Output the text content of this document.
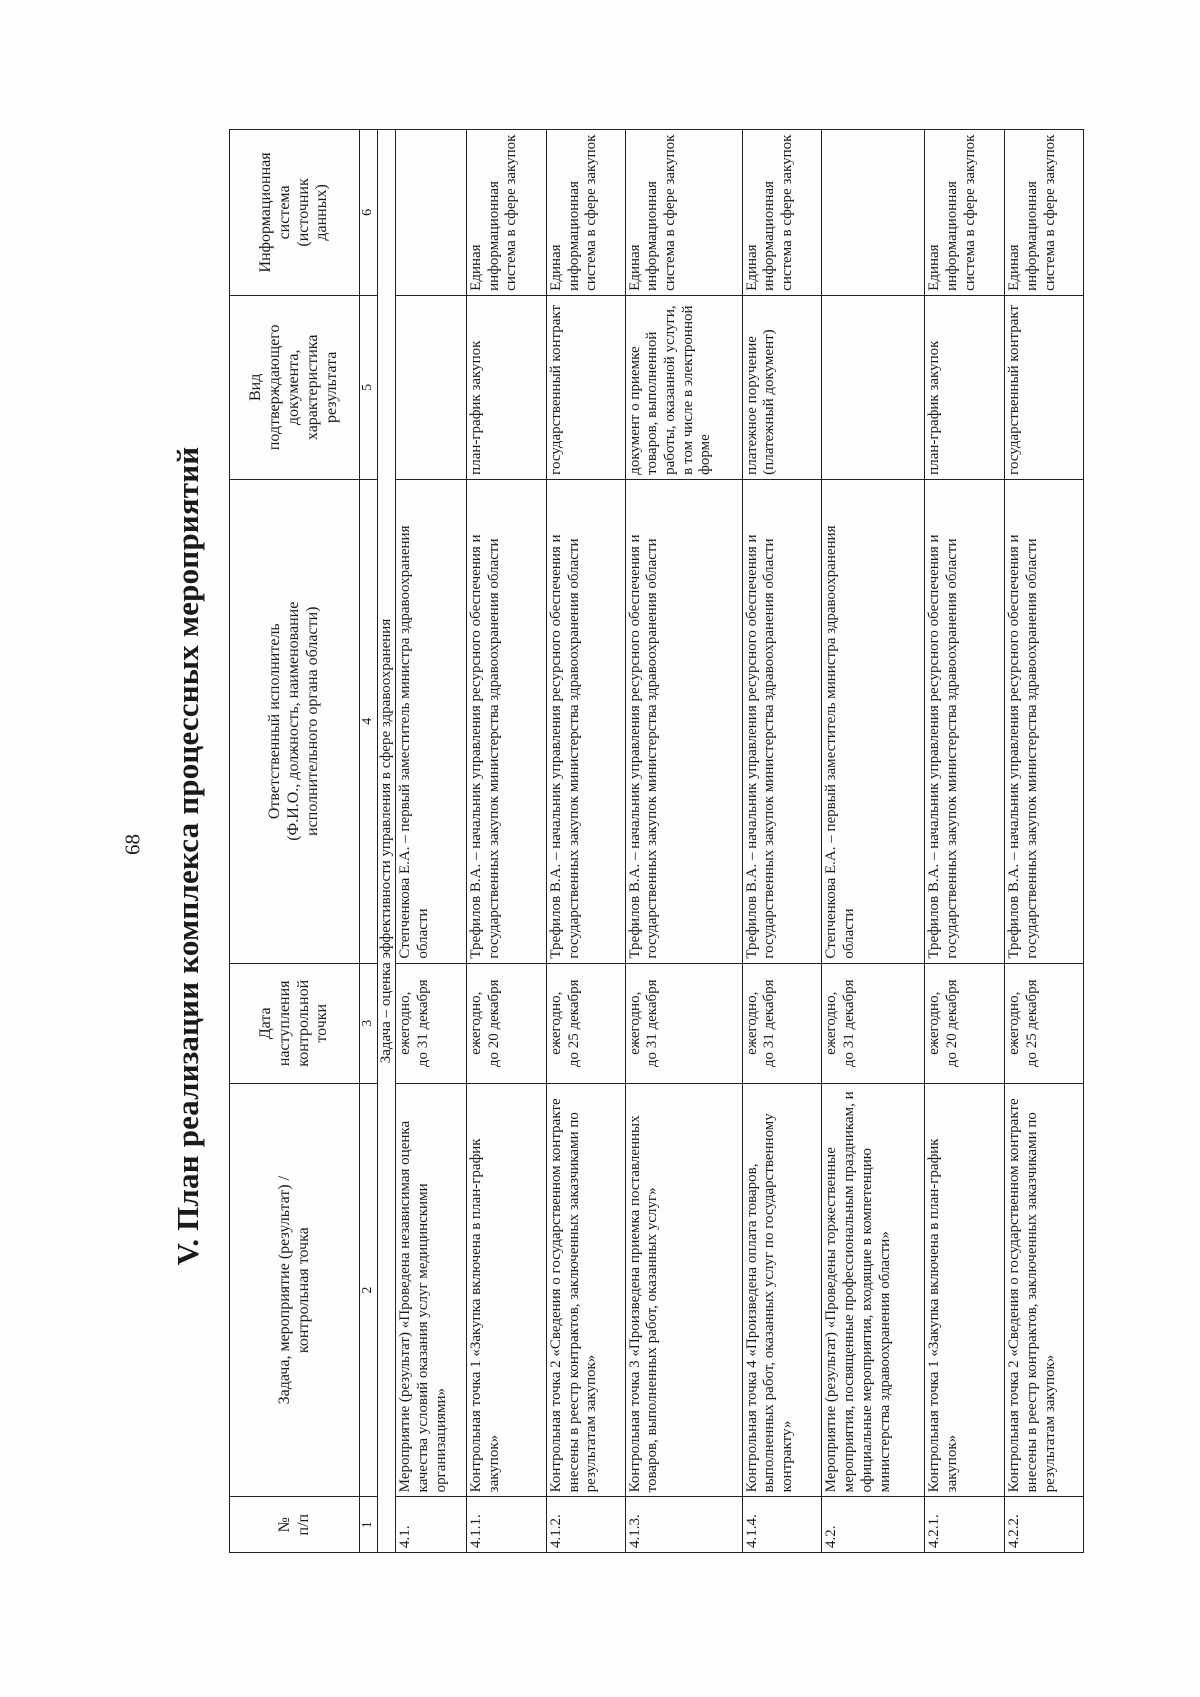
68 V. План реализации комплекса процессных мероприятий
№ п/п	Задача, мероприятие (результат) / контрольная точка	Дата наступления контрольной точки	Ответственный исполнитель (Ф.И.О., должность, наименование исполнительного органа области)	Вид подтверждающего документа, характеристика результата	Информационная система (источник данных)
1	2	3	4	5	6
Задача – оценка эффективности управления в сфере здравоохранения					
4.1.	Мероприятие (результат) «Проведена независимая оценка качества условий оказания услуг медицинскими организациями»	ежегодно, до 31 декабря	Степченкова Е.А. – первый заместитель министра здравоохранения области		
4.1.1.	Контрольная точка 1 «Закупка включена в план-график закупок»	ежегодно, до 20 декабря	Трефилов В.А. – начальник управления ресурсного обеспечения и государственных закупок министерства здравоохранения области	план-график закупок	Единая информационная система в сфере закупок
4.1.2.	Контрольная точка 2 «Сведения о государственном контракте внесены в реестр контрактов, заключенных заказчиками по результатам закупок»	ежегодно, до 25 декабря	Трефилов В.А. – начальник управления ресурсного обеспечения и государственных закупок министерства здравоохранения области	государственный контракт	Единая информационная система в сфере закупок
4.1.3.	Контрольная точка 3 «Произведена приемка поставленных товаров, выполненных работ, оказанных услуг»	ежегодно, до 31 декабря	Трефилов В.А. – начальник управления ресурсного обеспечения и государственных закупок министерства здравоохранения области	документ о приемке товаров, выполненной работы, оказанной услуги, в том числе в электронной форме	Единая информационная система в сфере закупок
4.1.4.	Контрольная точка 4 «Произведена оплата товаров, выполненных работ, оказанных услуг по государственному контракту»	ежегодно, до 31 декабря	Трефилов В.А. – начальник управления ресурсного обеспечения и государственных закупок министерства здравоохранения области	платежное поручение (платежный документ)	Единая информационная система в сфере закупок
4.2.	Мероприятие (результат) «Проведены торжественные мероприятия, посвященные профессиональным праздникам, и официальные мероприятия, входящие в компетенцию министерства здравоохранения области»	ежегодно, до 31 декабря	Степченкова Е.А. – первый заместитель министра здравоохранения области		
4.2.1.	Контрольная точка 1 «Закупка включена в план-график закупок»	ежегодно, до 20 декабря	Трефилов В.А. – начальник управления ресурсного обеспечения и государственных закупок министерства здравоохранения области	план-график закупок	Единая информационная система в сфере закупок
4.2.2.	Контрольная точка 2 «Сведения о государственном контракте внесены в реестр контрактов, заключенных заказчиками по результатам закупок»	ежегодно, до 25 декабря	Трефилов В.А. – начальник управления ресурсного обеспечения и государственных закупок министерства здравоохранения области	государственный контракт	Единая информационная система в сфере закупок
